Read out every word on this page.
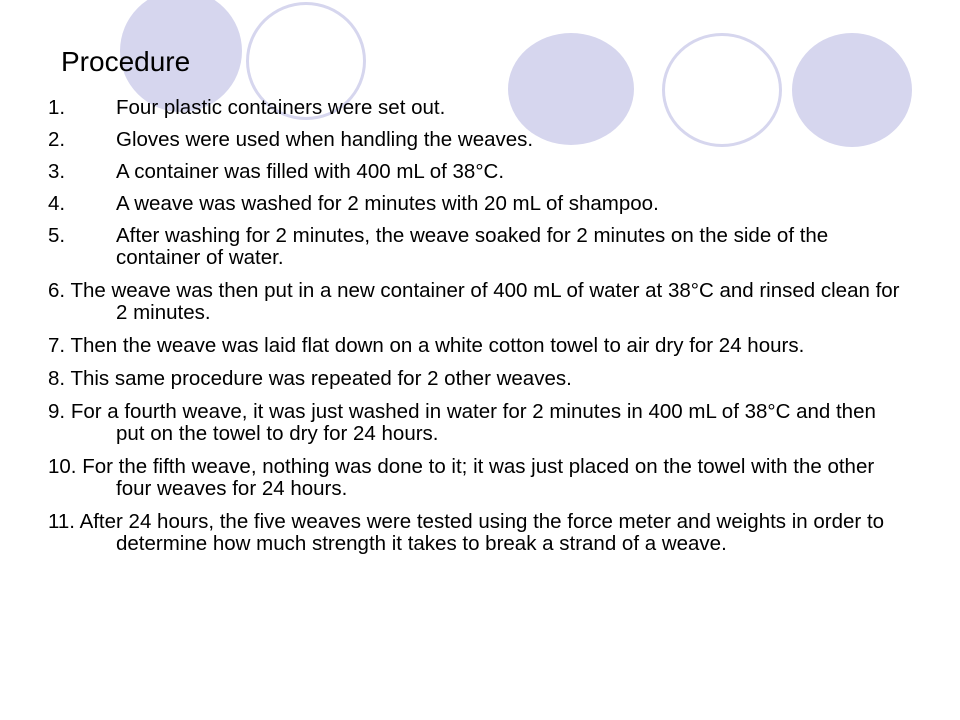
Procedure
1. Four plastic containers were set out.
2. Gloves were used when handling the weaves.
3. A container was filled with 400 mL of 38°C.
4. A weave was washed for 2 minutes with 20 mL of shampoo.
5. After washing for 2 minutes, the weave soaked for 2 minutes on the side of the container of water.
6. The weave was then put in a new container of 400 mL of water at 38°C and rinsed clean for 2 minutes.
7. Then the weave was laid flat down on a white cotton towel to air dry for 24 hours.
8. This same procedure was repeated for 2 other weaves.
9. For a fourth weave, it was just washed in water for 2 minutes in 400 mL of 38°C and then put on the towel to dry for 24 hours.
10. For the fifth weave, nothing was done to it; it was just placed on the towel with the other four weaves for 24 hours.
11. After 24 hours, the five weaves were tested using the force meter and weights in order to determine how much strength it takes to break a strand of a weave.
